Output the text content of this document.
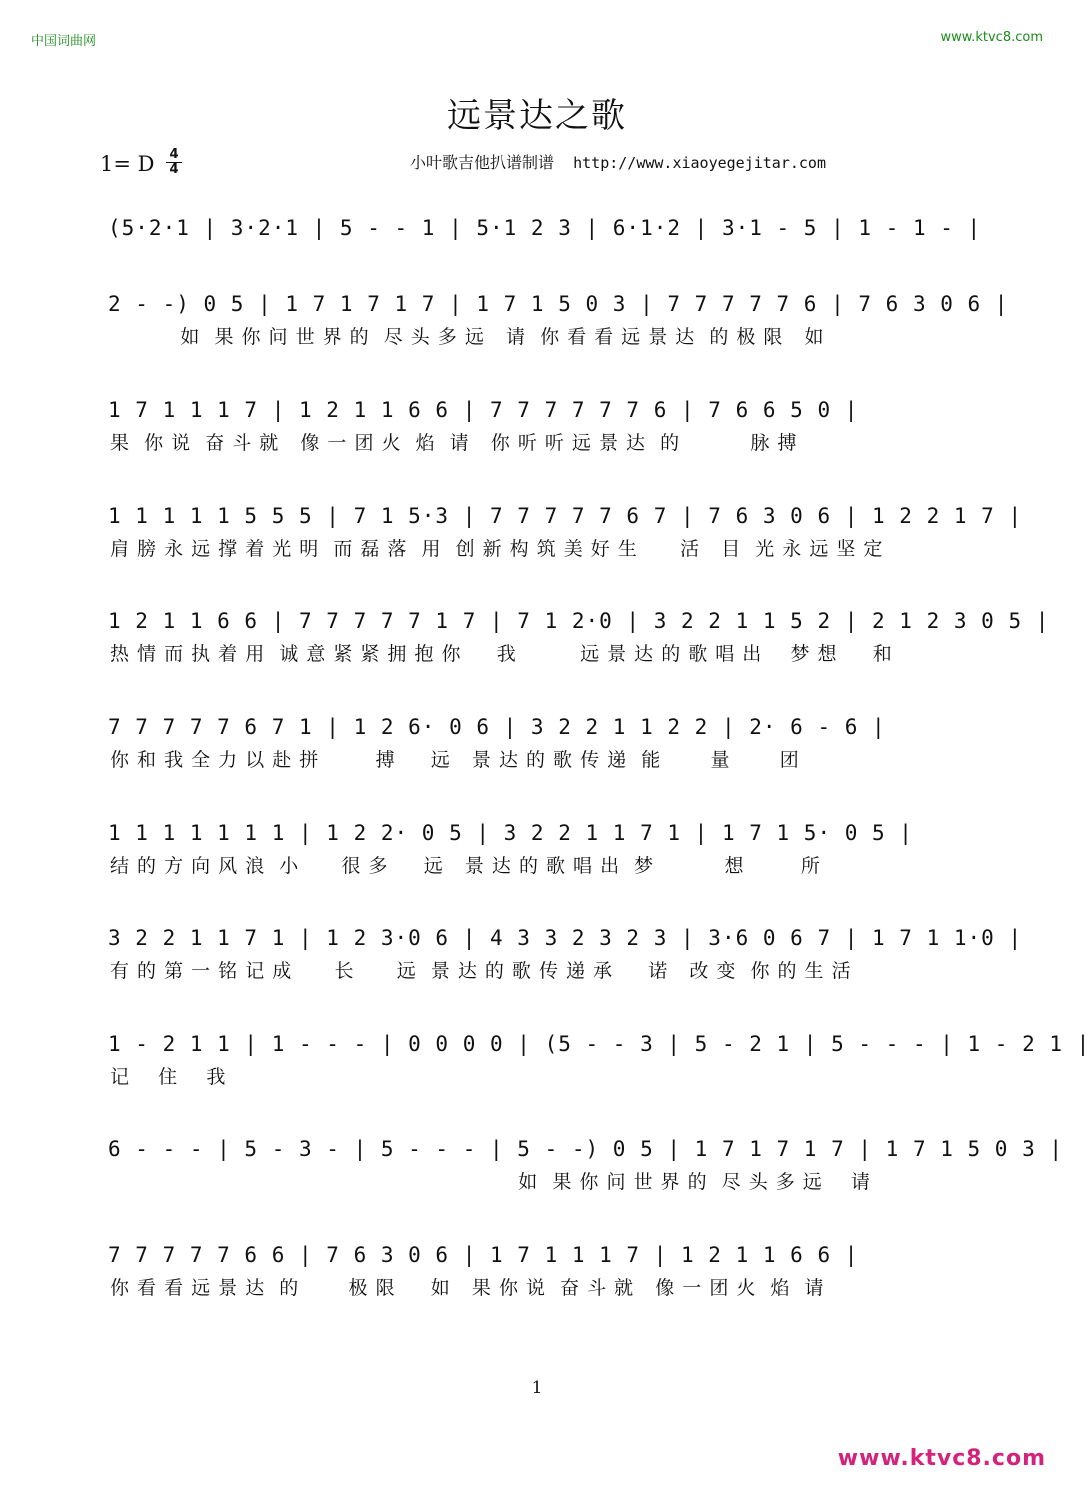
中国词曲网	www.ktvc8.com
远景达之歌
1= D $\frac{4}{4}$	小叶歌吉他扒谱制谱 http://www.xiaoyegejitar.com
(5·2·1 | 3·2·1 | 5 - - 1 | 5·1 2 3 | 6·1·2 | 3·1 - 5 | 1 - 1 - |
2 - -) 0 5 | 1 7 1 7 1 7 | 1 7 1 5 0 3 | 7 7 7 7 7 6 | 7 6 3 0 6 |
如  果 你 问 世 界 的  尽 头 多 远   请  你 看 看 远 景 达  的 极 限   如
1 7 1 1 1 7 | 1 2 1 1 6 6 | 7 7 7 7 7 7 6 | 7 6 6 5 0 |
果  你 说  奋 斗 就   像 一 团 火  焰  请   你 听 听 远 景 达  的          脉 搏
1 1 1 1 1 5 5 5 | 7 1 5·3 | 7 7 7 7 7 6 7 | 7 6 3 0 6 | 1 2 2 1 7 |
肩 膀 永 远 撑 着 光 明  而 磊 落  用  创 新 构 筑 美 好 生      活   目  光 永 远 坚 定
1 2 1 1 6 6 | 7 7 7 7 7 1 7 | 7 1 2·0 | 3 2 2 1 1 5 2 | 2 1 2 3 0 5 |
热 情 而 执 着 用  诚 意 紧 紧 拥 抱 你     我         远 景 达 的 歌 唱 出    梦 想     和
7 7 7 7 7 6 7 1 | 1 2 6· 0 6 | 3 2 2 1 1 2 2 | 2· 6 - 6 |
你 和 我 全 力 以 赴 拼        搏     远   景 达 的 歌 传 递  能       量       团
1 1 1 1 1 1 1 | 1 2 2· 0 5 | 3 2 2 1 1 7 1 | 1 7 1 5· 0 5 |
结 的 方 向 风 浪  小      很 多     远   景 达 的 歌 唱 出  梦          想        所
3 2 2 1 1 7 1 | 1 2 3·0 6 | 4 3 3 2 3 2 3 | 3·6 0 6 7 | 1 7 1 1·0 |
有 的 第 一 铭 记 成      长      远  景 达 的 歌 传 递 承     诺   改 变  你 的 生 活
1 - 2 1 1 | 1 - - - | 0 0 0 0 | (5 - - 3 | 5 - 2 1 | 5 - - - | 1 - 2 1 |
记    住    我
6 - - - | 5 - 3 - | 5 - - - | 5 - -) 0 5 | 1 7 1 7 1 7 | 1 7 1 5 0 3 |
如  果 你 问 世 界 的  尽 头 多 远    请
7 7 7 7 7 6 6 | 7 6 3 0 6 | 1 7 1 1 1 7 | 1 2 1 1 6 6 |
你 看 看 远 景 达  的       极 限     如   果 你 说  奋 斗 就   像 一 团 火  焰  请
1
www.ktvc8.com
